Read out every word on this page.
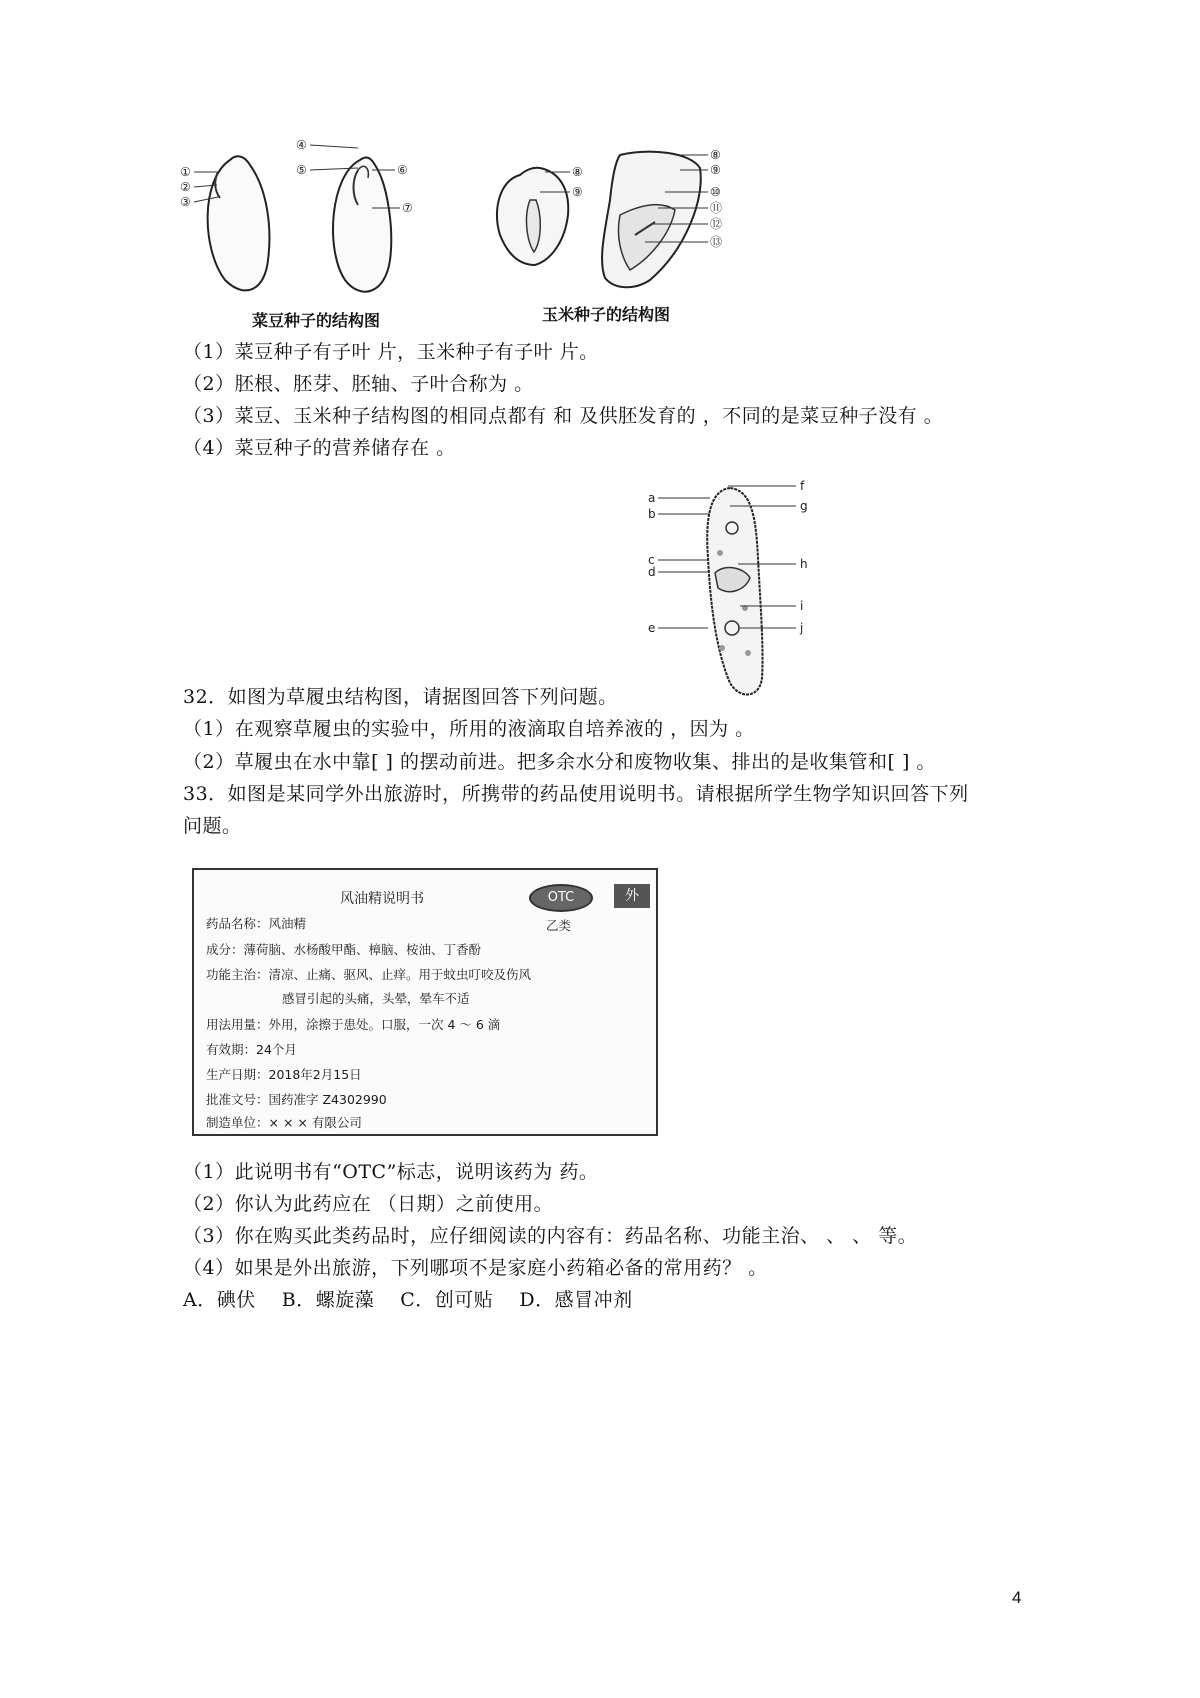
①
②
③
④
⑤	⑥
⑦
⑧
⑨
⑧
⑨
⑩
⑪
⑫
⑬
菜豆种子的结构图	玉米种子的结构图
（1）菜豆种子有子叶 片，玉米种子有子叶 片。
（2）胚根、胚芽、胚轴、子叶合称为 。
（3）菜豆、玉米种子结构图的相同点都有 和 及供胚发育的 ，不同的是菜豆种子没有 。
（4）菜豆种子的营养储存在 。
a
b
c
d
e
f
g
h
i
j
32．如图为草履虫结构图，请据图回答下列问题。
（1）在观察草履虫的实验中，所用的液滴取自培养液的 ，因为 。
（2）草履虫在水中靠[ ] 的摆动前进。把多余水分和废物收集、排出的是收集管和[ ] 。
33．如图是某同学外出旅游时，所携带的药品使用说明书。请根据所学生物学知识回答下列
问题。
风油精说明书	OTC	外
乙类
药品名称：风油精
成分：薄荷脑、水杨酸甲酯、樟脑、桉油、丁香酚
功能主治：清凉、止痛、驱风、止痒。用于蚊虫叮咬及伤风
感冒引起的头痛，头晕，晕车不适
用法用量：外用，涂擦于患处。口服，一次 4 ～ 6 滴
有效期：24个月
生产日期：2018年2月15日
批准文号：国药准字 Z4302990
制造单位：× × × 有限公司
（1）此说明书有“OTC”标志，说明该药为 药。
（2）你认为此药应在 （日期）之前使用。
（3）你在购买此类药品时，应仔细阅读的内容有：药品名称、功能主治、 、 、 等。
（4）如果是外出旅游，下列哪项不是家庭小药箱必备的常用药？ 。
A．碘伏　 B．螺旋藻　 C．创可贴　 D．感冒冲剂
4
